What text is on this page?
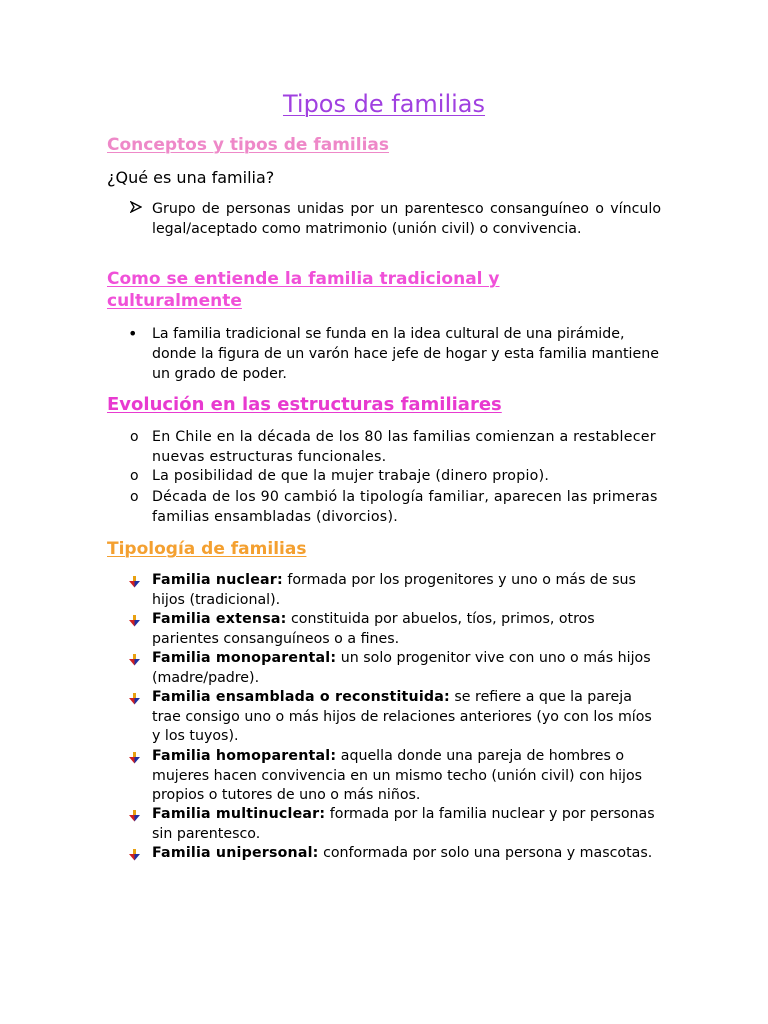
Tipos de familias
Conceptos y tipos de familias
¿Qué es una familia?
Grupo de personas unidas por un parentesco consanguíneo o vínculo legal/aceptado como matrimonio (unión civil) o convivencia.
Como se entiende la familia tradicional y culturalmente
• La familia tradicional se funda en la idea cultural de una pirámide, donde la figura de un varón hace jefe de hogar y esta familia mantiene un grado de poder.
Evolución en las estructuras familiares
o En Chile en la década de los 80 las familias comienzan a restablecer nuevas estructuras funcionales.
o La posibilidad de que la mujer trabaje (dinero propio).
o Década de los 90 cambió la tipología familiar, aparecen las primeras familias ensambladas (divorcios).
Tipología de familias
Familia nuclear: formada por los progenitores y uno o más de sus hijos (tradicional).
Familia extensa: constituida por abuelos, tíos, primos, otros parientes consanguíneos o a fines.
Familia monoparental: un solo progenitor vive con uno o más hijos (madre/padre).
Familia ensamblada o reconstituida: se refiere a que la pareja trae consigo uno o más hijos de relaciones anteriores (yo con los míos y los tuyos).
Familia homoparental: aquella donde una pareja de hombres o mujeres hacen convivencia en un mismo techo (unión civil) con hijos propios o tutores de uno o más niños.
Familia multinuclear: formada por la familia nuclear y por personas sin parentesco.
Familia unipersonal: conformada por solo una persona y mascotas.
